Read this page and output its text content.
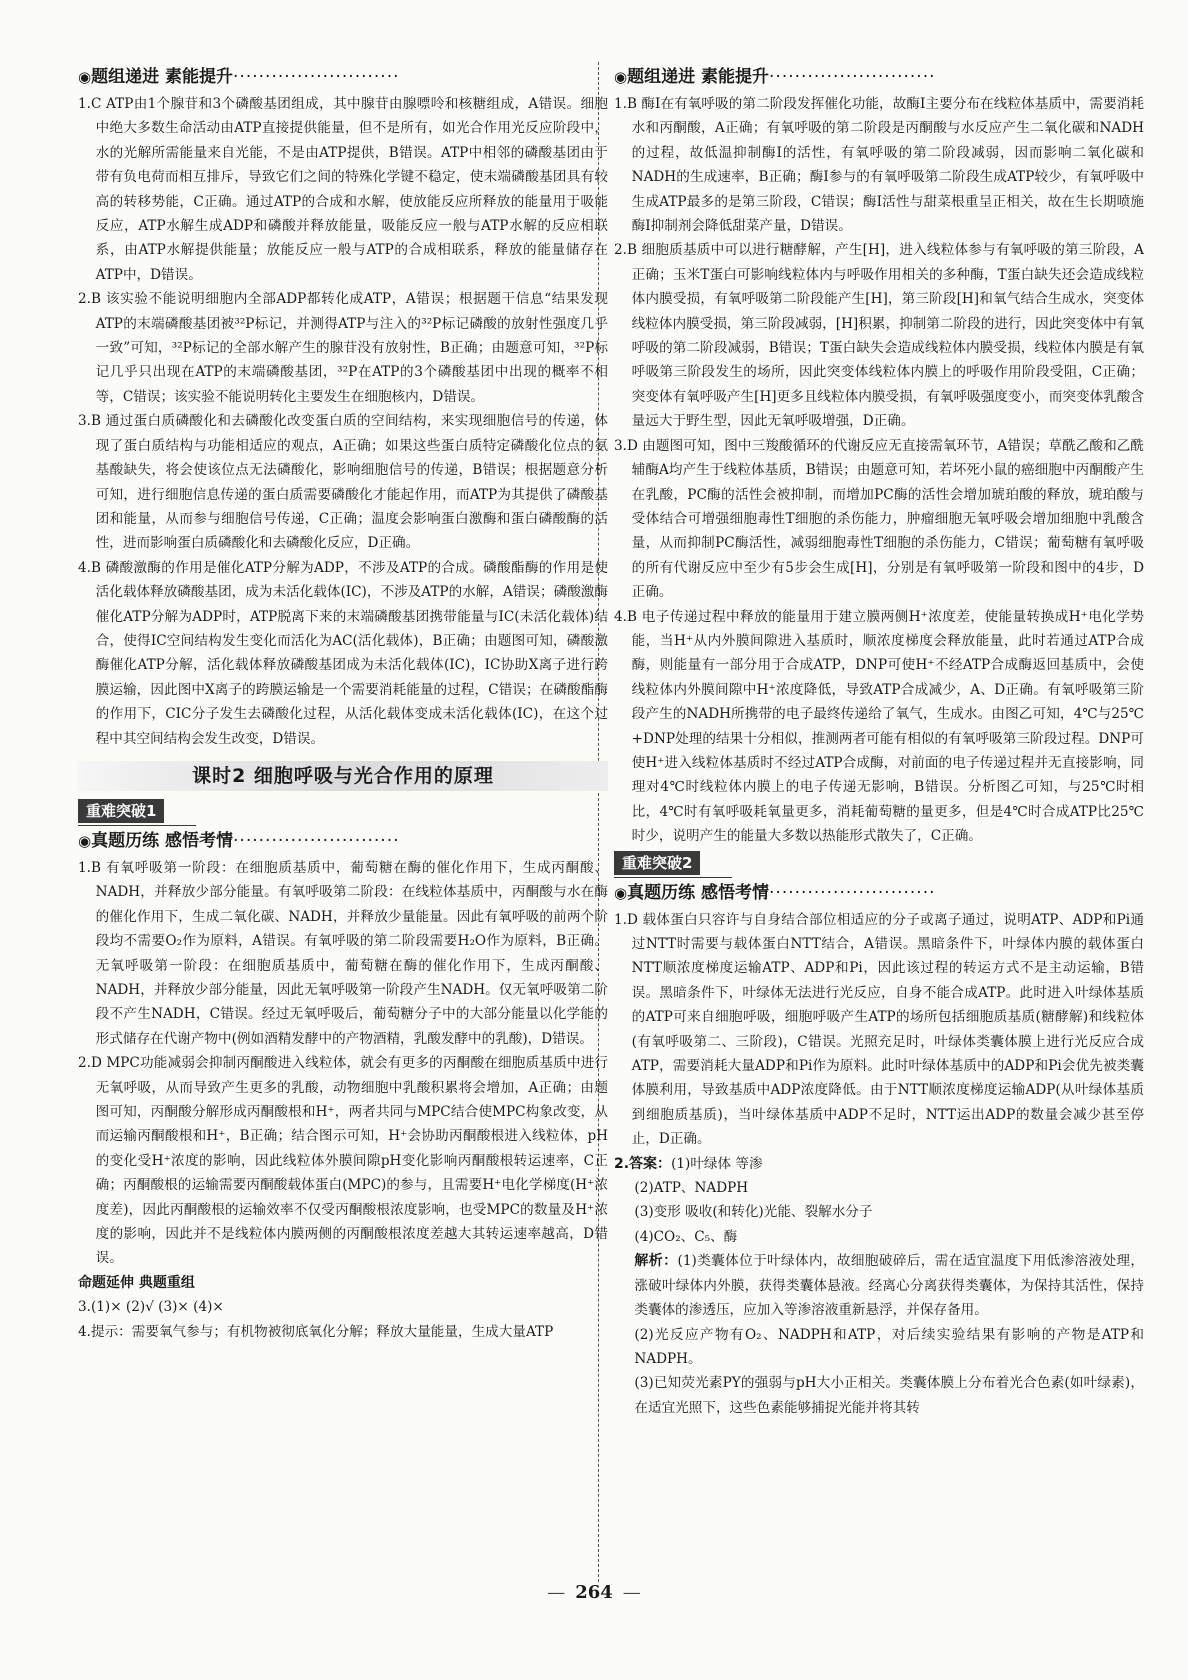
◉题组递进 素能提升··························
1.C ATP由1个腺苷和3个磷酸基团组成，其中腺苷由腺嘌呤和核糖组成，A错误。细胞中绝大多数生命活动由ATP直接提供能量，但不是所有，如光合作用光反应阶段中，水的光解所需能量来自光能，不是由ATP提供，B错误。ATP中相邻的磷酸基团由于带有负电荷而相互排斥，导致它们之间的特殊化学键不稳定，使末端磷酸基团具有较高的转移势能，C正确。通过ATP的合成和水解，使放能反应所释放的能量用于吸能反应，ATP水解生成ADP和磷酸并释放能量，吸能反应一般与ATP水解的反应相联系，由ATP水解提供能量；放能反应一般与ATP的合成相联系，释放的能量储存在ATP中，D错误。
2.B 该实验不能说明细胞内全部ADP都转化成ATP，A错误；根据题干信息“结果发现ATP的末端磷酸基团被³²P标记，并测得ATP与注入的³²P标记磷酸的放射性强度几乎一致”可知，³²P标记的全部水解产生的腺苷没有放射性，B正确；由题意可知，³²P标记几乎只出现在ATP的末端磷酸基团，³²P在ATP的3个磷酸基团中出现的概率不相等，C错误；该实验不能说明转化主要发生在细胞核内，D错误。
3.B 通过蛋白质磷酸化和去磷酸化改变蛋白质的空间结构，来实现细胞信号的传递，体现了蛋白质结构与功能相适应的观点，A正确；如果这些蛋白质特定磷酸化位点的氨基酸缺失，将会使该位点无法磷酸化，影响细胞信号的传递，B错误；根据题意分析可知，进行细胞信息传递的蛋白质需要磷酸化才能起作用，而ATP为其提供了磷酸基团和能量，从而参与细胞信号传递，C正确；温度会影响蛋白激酶和蛋白磷酸酶的活性，进而影响蛋白质磷酸化和去磷酸化反应，D正确。
4.B 磷酸激酶的作用是催化ATP分解为ADP，不涉及ATP的合成。磷酸酯酶的作用是使活化载体释放磷酸基团，成为未活化载体(IC)，不涉及ATP的水解，A错误；磷酸激酶催化ATP分解为ADP时，ATP脱离下来的末端磷酸基团携带能量与IC(未活化载体)结合，使得IC空间结构发生变化而活化为AC(活化载体)，B正确；由题图可知，磷酸激酶催化ATP分解，活化载体释放磷酸基团成为未活化载体(IC)，IC协助X离子进行跨膜运输，因此图中X离子的跨膜运输是一个需要消耗能量的过程，C错误；在磷酸酯酶的作用下，CIC分子发生去磷酸化过程，从活化载体变成未活化载体(IC)，在这个过程中其空间结构会发生改变，D错误。
课时2 细胞呼吸与光合作用的原理
重难突破1
◉真题历练 感悟考情··························
1.B 有氧呼吸第一阶段：在细胞质基质中，葡萄糖在酶的催化作用下，生成丙酮酸、NADH，并释放少部分能量。有氧呼吸第二阶段：在线粒体基质中，丙酮酸与水在酶的催化作用下，生成二氧化碳、NADH，并释放少量能量。因此有氧呼吸的前两个阶段均不需要O₂作为原料，A错误。有氧呼吸的第二阶段需要H₂O作为原料，B正确。无氧呼吸第一阶段：在细胞质基质中，葡萄糖在酶的催化作用下，生成丙酮酸、NADH，并释放少部分能量，因此无氧呼吸第一阶段产生NADH。仅无氧呼吸第二阶段不产生NADH，C错误。经过无氧呼吸后，葡萄糖分子中的大部分能量以化学能的形式储存在代谢产物中(例如酒精发酵中的产物酒精，乳酸发酵中的乳酸)，D错误。
2.D MPC功能减弱会抑制丙酮酸进入线粒体，就会有更多的丙酮酸在细胞质基质中进行无氧呼吸，从而导致产生更多的乳酸，动物细胞中乳酸积累将会增加，A正确；由题图可知，丙酮酸分解形成丙酮酸根和H⁺，两者共同与MPC结合使MPC构象改变，从而运输丙酮酸根和H⁺，B正确；结合图示可知，H⁺会协助丙酮酸根进入线粒体，pH的变化受H⁺浓度的影响，因此线粒体外膜间隙pH变化影响丙酮酸根转运速率，C正确；丙酮酸根的运输需要丙酮酸载体蛋白(MPC)的参与，且需要H⁺电化学梯度(H⁺浓度差)，因此丙酮酸根的运输效率不仅受丙酮酸根浓度影响，也受MPC的数量及H⁺浓度的影响，因此并不是线粒体内膜两侧的丙酮酸根浓度差越大其转运速率越高，D错误。
命题延伸 典题重组
3.(1)× (2)√ (3)× (4)×
4.提示：需要氧气参与；有机物被彻底氧化分解；释放大量能量，生成大量ATP
◉题组递进 素能提升··························
1.B 酶Ⅰ在有氧呼吸的第二阶段发挥催化功能，故酶Ⅰ主要分布在线粒体基质中，需要消耗水和丙酮酸，A正确；有氧呼吸的第二阶段是丙酮酸与水反应产生二氧化碳和NADH的过程，故低温抑制酶Ⅰ的活性，有氧呼吸的第二阶段减弱，因而影响二氧化碳和NADH的生成速率，B正确；酶Ⅰ参与的有氧呼吸第二阶段生成ATP较少，有氧呼吸中生成ATP最多的是第三阶段，C错误；酶Ⅰ活性与甜菜根重呈正相关，故在生长期喷施酶Ⅰ抑制剂会降低甜菜产量，D错误。
2.B 细胞质基质中可以进行糖酵解，产生[H]，进入线粒体参与有氧呼吸的第三阶段，A正确；玉米T蛋白可影响线粒体内与呼吸作用相关的多种酶，T蛋白缺失还会造成线粒体内膜受损，有氧呼吸第二阶段能产生[H]，第三阶段[H]和氧气结合生成水，突变体线粒体内膜受损，第三阶段减弱，[H]积累，抑制第二阶段的进行，因此突变体中有氧呼吸的第二阶段减弱，B错误；T蛋白缺失会造成线粒体内膜受损，线粒体内膜是有氧呼吸第三阶段发生的场所，因此突变体线粒体内膜上的呼吸作用阶段受阻，C正确；突变体有氧呼吸产生[H]更多且线粒体内膜受损，有氧呼吸强度变小，而突变体乳酸含量远大于野生型，因此无氧呼吸增强，D正确。
3.D 由题图可知，图中三羧酸循环的代谢反应无直接需氧环节，A错误；草酰乙酸和乙酰辅酶A均产生于线粒体基质，B错误；由题意可知，若坏死小鼠的癌细胞中丙酮酸产生在乳酸，PC酶的活性会被抑制，而增加PC酶的活性会增加琥珀酸的释放，琥珀酸与受体结合可增强细胞毒性T细胞的杀伤能力，肿瘤细胞无氧呼吸会增加细胞中乳酸含量，从而抑制PC酶活性，减弱细胞毒性T细胞的杀伤能力，C错误；葡萄糖有氧呼吸的所有代谢反应中至少有5步会生成[H]，分别是有氧呼吸第一阶段和图中的4步，D正确。
4.B 电子传递过程中释放的能量用于建立膜两侧H⁺浓度差，使能量转换成H⁺电化学势能，当H⁺从内外膜间隙进入基质时，顺浓度梯度会释放能量，此时若通过ATP合成酶，则能量有一部分用于合成ATP，DNP可使H⁺不经ATP合成酶返回基质中，会使线粒体内外膜间隙中H⁺浓度降低，导致ATP合成减少，A、D正确。有氧呼吸第三阶段产生的NADH所携带的电子最终传递给了氧气，生成水。由图乙可知，4℃与25℃+DNP处理的结果十分相似，推测两者可能有相似的有氧呼吸第三阶段过程。DNP可使H⁺进入线粒体基质时不经过ATP合成酶，对前面的电子传递过程并无直接影响，同理对4℃时线粒体内膜上的电子传递无影响，B错误。分析图乙可知，与25℃时相比，4℃时有氧呼吸耗氧量更多，消耗葡萄糖的量更多，但是4℃时合成ATP比25℃时少，说明产生的能量大多数以热能形式散失了，C正确。
重难突破2
◉真题历练 感悟考情··························
1.D 载体蛋白只容许与自身结合部位相适应的分子或离子通过，说明ATP、ADP和Pi通过NTT时需要与载体蛋白NTT结合，A错误。黑暗条件下，叶绿体内膜的载体蛋白NTT顺浓度梯度运输ATP、ADP和Pi，因此该过程的转运方式不是主动运输，B错误。黑暗条件下，叶绿体无法进行光反应，自身不能合成ATP。此时进入叶绿体基质的ATP可来自细胞呼吸，细胞呼吸产生ATP的场所包括细胞质基质(糖酵解)和线粒体(有氧呼吸第二、三阶段)，C错误。光照充足时，叶绿体类囊体膜上进行光反应合成ATP，需要消耗大量ADP和Pi作为原料。此时叶绿体基质中的ADP和Pi会优先被类囊体膜利用，导致基质中ADP浓度降低。由于NTT顺浓度梯度运输ADP(从叶绿体基质到细胞质基质)，当叶绿体基质中ADP不足时，NTT运出ADP的数量会减少甚至停止，D正确。
2.答案：(1)叶绿体 等渗
(2)ATP、NADPH
(3)变形 吸收(和转化)光能、裂解水分子
(4)CO₂、C₅、酶
解析：(1)类囊体位于叶绿体内，故细胞破碎后，需在适宜温度下用低渗溶液处理，涨破叶绿体内外膜，获得类囊体悬液。经离心分离获得类囊体，为保持其活性，保持类囊体的渗透压，应加入等渗溶液重新悬浮，并保存备用。
(2)光反应产物有O₂、NADPH和ATP，对后续实验结果有影响的产物是ATP和NADPH。
(3)已知荧光素PY的强弱与pH大小正相关。类囊体膜上分布着光合色素(如叶绿素)，在适宜光照下，这些色素能够捕捉光能并将其转
— 264 —
